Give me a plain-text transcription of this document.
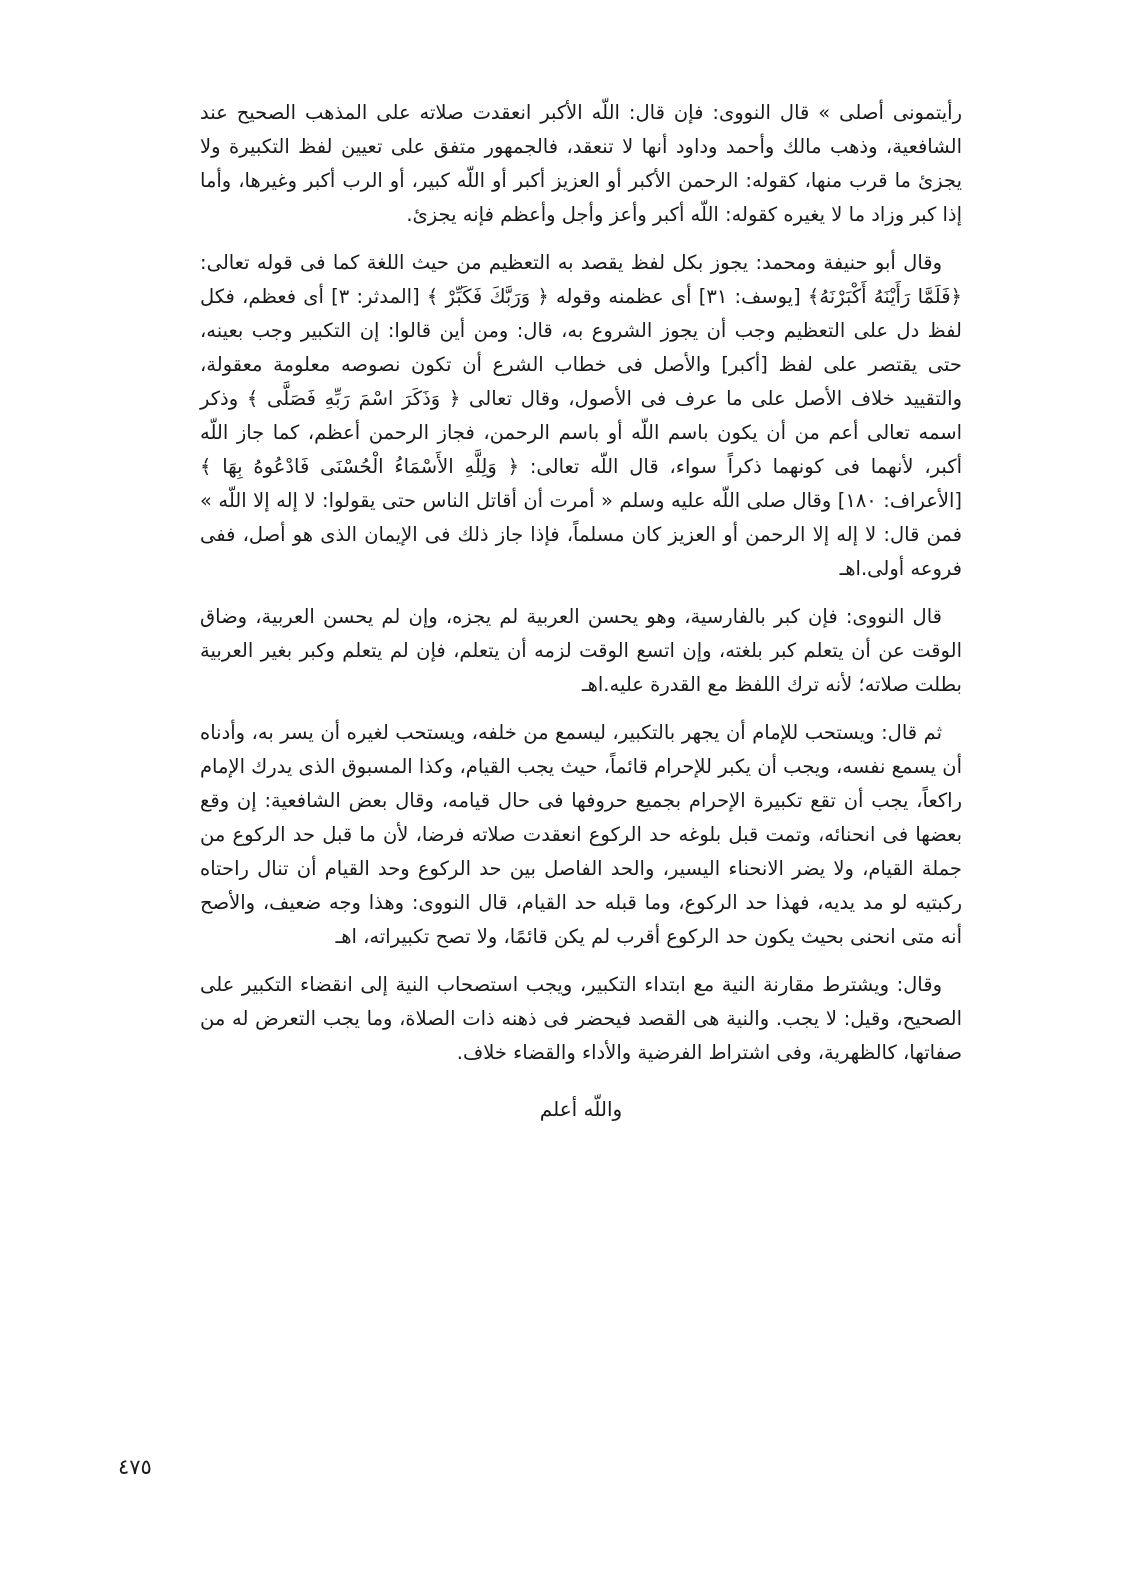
رأيتمونى أصلى » قال النووى: فإن قال: اللّه الأكبر انعقدت صلاته على المذهب الصحيح عند الشافعية، وذهب مالك وأحمد وداود أنها لا تنعقد، فالجمهور متفق على تعيين لفظ التكبيرة ولا يجزئ ما قرب منها، كقوله: الرحمن الأكبر أو العزيز أكبر أو اللّه كبير، أو الرب أكبر وغيرها، وأما إذا كبر وزاد ما لا يغيره كقوله: اللّه أكبر وأعز وأجل وأعظم فإنه يجزئ.

وقال أبو حنيفة ومحمد: يجوز بكل لفظ يقصد به التعظيم من حيث اللغة كما فى قوله تعالى: ﴿فَلَمَّا رَأَيْنَهُ أَكْبَرْنَهُ﴾ [يوسف: ٣١] أى عظمنه وقوله ﴿ وَرَبَّكَ فَكَبِّرْ ﴾ [المدثر: ٣] أى فعظم، فكل لفظ دل على التعظيم وجب أن يجوز الشروع به، قال: ومن أين قالوا: إن التكبير وجب بعينه، حتى يقتصر على لفظ [أكبر] والأصل فى خطاب الشرع أن تكون نصوصه معلومة معقولة، والتقييد خلاف الأصل على ما عرف فى الأصول، وقال تعالى ﴿ وَذَكَرَ اسْمَ رَبِّهِ فَصَلَّى ﴾ وذكر اسمه تعالى أعم من أن يكون باسم اللّه أو باسم الرحمن، فجاز الرحمن أعظم، كما جاز اللّه أكبر، لأنهما فى كونهما ذكراً سواء، قال اللّه تعالى: ﴿ وَلِلَّهِ الأَسْمَاءُ الْحُسْنَى فَادْعُوهُ بِهَا ﴾ [الأعراف: ١٨٠] وقال صلى اللّه عليه وسلم « أمرت أن أقاتل الناس حتى يقولوا: لا إله إلا اللّه » فمن قال: لا إله إلا الرحمن أو العزيز كان مسلماً، فإذا جاز ذلك فى الإيمان الذى هو أصل، ففى فروعه أولى.اهـ

قال النووى: فإن كبر بالفارسية، وهو يحسن العربية لم يجزه، وإن لم يحسن العربية، وضاق الوقت عن أن يتعلم كبر بلغته، وإن اتسع الوقت لزمه أن يتعلم، فإن لم يتعلم وكبر بغير العربية بطلت صلاته؛ لأنه ترك اللفظ مع القدرة عليه.اهـ

ثم قال: ويستحب للإمام أن يجهر بالتكبير، ليسمع من خلفه، ويستحب لغيره أن يسر به، وأدناه أن يسمع نفسه، ويجب أن يكبر للإحرام قائماً، حيث يجب القيام، وكذا المسبوق الذى يدرك الإمام راكعاً، يجب أن تقع تكبيرة الإحرام بجميع حروفها فى حال قيامه، وقال بعض الشافعية: إن وقع بعضها فى انحنائه، وتمت قبل بلوغه حد الركوع انعقدت صلاته فرضا، لأن ما قبل حد الركوع من جملة القيام، ولا يضر الانحناء اليسير، والحد الفاصل بين حد الركوع وحد القيام أن تنال راحتاه ركبتيه لو مد يديه، فهذا حد الركوع، وما قبله حد القيام، قال النووى: وهذا وجه ضعيف، والأصح أنه متى انحنى بحيث يكون حد الركوع أقرب لم يكن قائمًا، ولا تصح تكبيراته، اهـ

وقال: ويشترط مقارنة النية مع ابتداء التكبير، ويجب استصحاب النية إلى انقضاء التكبير على الصحيح، وقيل: لا يجب. والنية هى القصد فيحضر فى ذهنه ذات الصلاة، وما يجب التعرض له من صفاتها، كالظهرية، وفى اشتراط الفرضية والأداء والقضاء خلاف.

واللّه أعلم
٤٧٥
